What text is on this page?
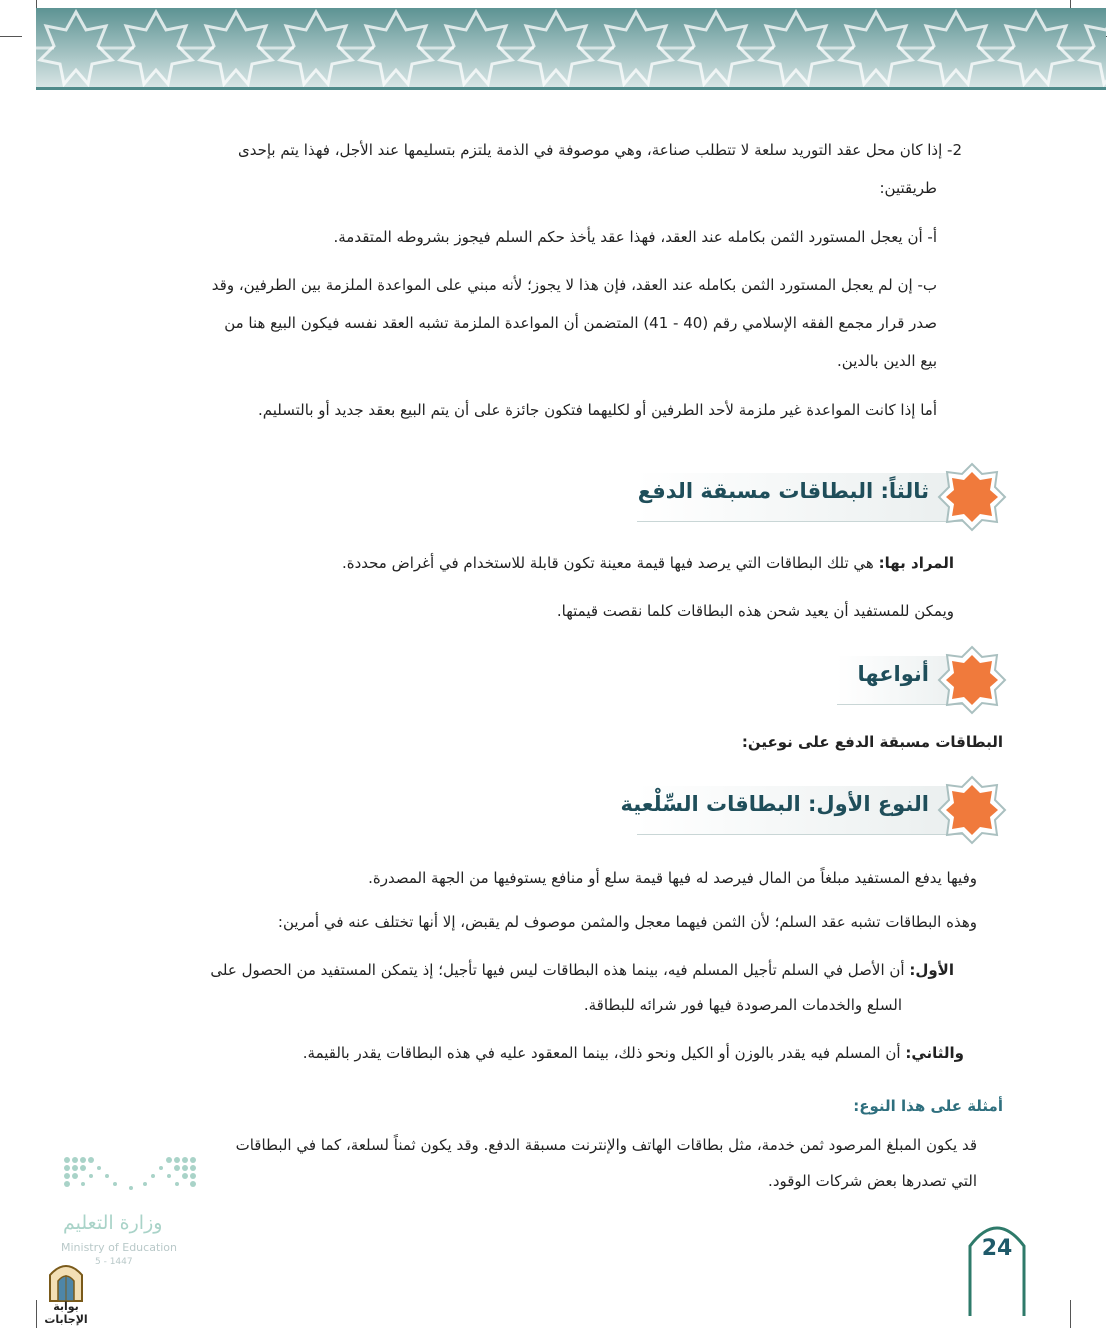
2- إذا كان محل عقد التوريد سلعة لا تتطلب صناعة، وهي موصوفة في الذمة يلتزم بتسليمها عند الأجل، فهذا يتم بإحدى
طريقتين:
أ- أن يعجل المستورد الثمن بكامله عند العقد، فهذا عقد يأخذ حكم السلم فيجوز بشروطه المتقدمة.
ب- إن لم يعجل المستورد الثمن بكامله عند العقد، فإن هذا لا يجوز؛ لأنه مبني على المواعدة الملزمة بين الطرفين، وقد
صدر قرار مجمع الفقه الإسلامي رقم (40 - 41) المتضمن أن المواعدة الملزمة تشبه العقد نفسه فيكون البيع هنا من
بيع الدين بالدين.
أما إذا كانت المواعدة غير ملزمة لأحد الطرفين أو لكليهما فتكون جائزة على أن يتم البيع بعقد جديد أو بالتسليم.
ثالثاً: البطاقات مسبقة الدفع
المراد بها: هي تلك البطاقات التي يرصد فيها قيمة معينة تكون قابلة للاستخدام في أغراض محددة.
ويمكن للمستفيد أن يعيد شحن هذه البطاقات كلما نقصت قيمتها.
أنواعها
البطاقات مسبقة الدفع على نوعين:
النوع الأول: البطاقات السِّلْعية
وفيها يدفع المستفيد مبلغاً من المال فيرصد له فيها قيمة سلع أو منافع يستوفيها من الجهة المصدرة.
وهذه البطاقات تشبه عقد السلم؛ لأن الثمن فيهما معجل والمثمن موصوف لم يقبض، إلا أنها تختلف عنه في أمرين:
الأول: أن الأصل في السلم تأجيل المسلم فيه، بينما هذه البطاقات ليس فيها تأجيل؛ إذ يتمكن المستفيد من الحصول على
السلع والخدمات المرصودة فيها فور شرائه للبطاقة.
والثاني: أن المسلم فيه يقدر بالوزن أو الكيل ونحو ذلك، بينما المعقود عليه في هذه البطاقات يقدر بالقيمة.
أمثلة على هذا النوع:
قد يكون المبلغ المرصود ثمن خدمة، مثل بطاقات الهاتف والإنترنت مسبقة الدفع. وقد يكون ثمناً لسلعة، كما في البطاقات
التي تصدرها بعض شركات الوقود.
وزارة التعليم
Ministry of Education
5 - 1447
بوابة الإجابات
24
